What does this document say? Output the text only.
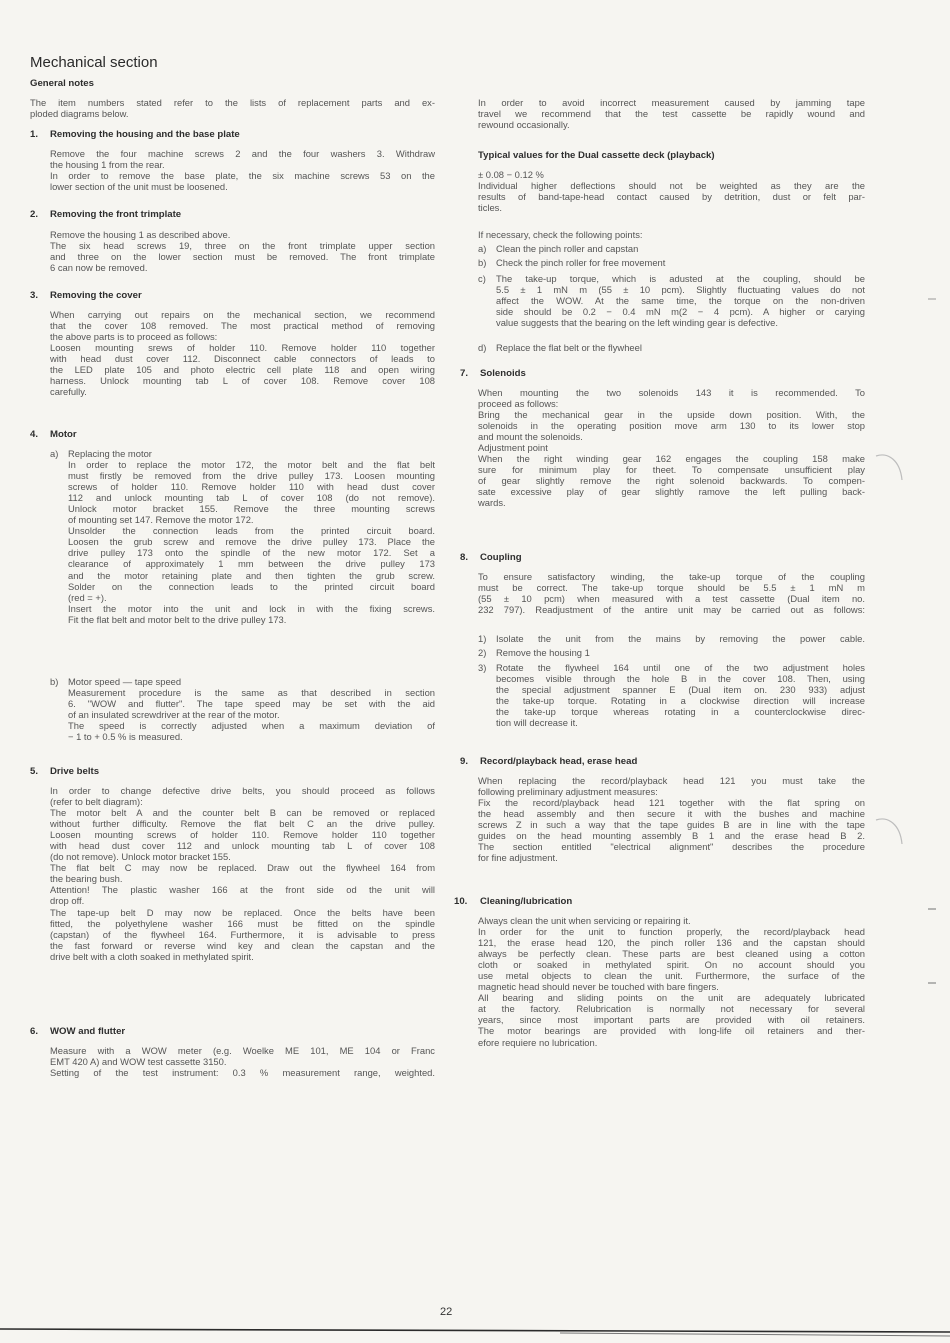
Mechanical section
General notes
The item numbers stated refer to the lists of replacement parts and ex-
ploded diagrams below.
1. Removing the housing and the base plate
Remove the four machine screws 2 and the four washers 3. Withdraw
the housing 1 from the rear.
In order to remove the base plate, the six machine screws 53 on the
lower section of the unit must be loosened.
2. Removing the front trimplate
Remove the housing 1 as described above.
The six head screws 19, three on the front trimplate upper section
and three on the lower section must be removed. The front trimplate
6 can now be removed.
3. Removing the cover
When carrying out repairs on the mechanical section, we recommend
that the cover 108 removed. The most practical method of removing
the above parts is to proceed as follows:
Loosen mounting srews of holder 110. Remove holder 110 together
with head dust cover 112. Disconnect cable connectors of leads to
the LED plate 105 and photo electric cell plate 118 and open wiring
harness. Unlock mounting tab L of cover 108. Remove cover 108
carefully.
4. Motor
a) Replacing the motor
In order to replace the motor 172, the motor belt and the flat belt
must firstly be removed from the drive pulley 173. Loosen mounting
screws of holder 110. Remove holder 110 with head dust cover
112 and unlock mounting tab L of cover 108 (do not remove).
Unlock motor bracket 155. Remove the three mounting screws
of mounting set 147. Remove the motor 172.
Unsolder the connection leads from the printed circuit board.
Loosen the grub screw and remove the drive pulley 173. Place the
drive pulley 173 onto the spindle of the new motor 172. Set a
clearance of approximately 1 mm between the drive pulley 173
and the motor retaining plate and then tighten the grub screw.
Solder on the connection leads to the printed circuit board
(red = +).
Insert the motor into the unit and lock in with the fixing screws.
Fit the flat belt and motor belt to the drive pulley 173.
b) Motor speed — tape speed
Measurement procedure is the same as that described in section
6. "WOW and flutter". The tape speed may be set with the aid
of an insulated screwdriver at the rear of the motor.
The speed is correctly adjusted when a maximum deviation of
− 1 to + 0.5 % is measured.
5. Drive belts
In order to change defective drive belts, you should proceed as follows
(refer to belt diagram):
The motor belt A and the counter belt B can be removed or replaced
without further difficulty. Remove the flat belt C an the drive pulley.
Loosen mounting screws of holder 110. Remove holder 110 together
with head dust cover 112 and unlock mounting tab L of cover 108
(do not remove). Unlock motor bracket 155.
The flat belt C may now be replaced. Draw out the flywheel 164 from
the bearing bush.
Attention! The plastic washer 166 at the front side od the unit will
drop off.
The tape-up belt D may now be replaced. Once the belts have been
fitted, the polyethylene washer 166 must be fitted on the spindle
(capstan) of the flywheel 164. Furthermore, it is advisable to press
the fast forward or reverse wind key and clean the capstan and the
drive belt with a cloth soaked in methylated spirit.
6. WOW and flutter
Measure with a WOW meter (e.g. Woelke ME 101, ME 104 or Franc
EMT 420 A) and WOW test cassette 3150.
Setting of the test instrument: 0.3 % measurement range, weighted.
In order to avoid incorrect measurement caused by jamming tape
travel we recommend that the test cassette be rapidly wound and
rewound occasionally.
Typical values for the Dual cassette deck (playback)
± 0.08 − 0.12 %
Individual higher deflections should not be weighted as they are the
results of band-tape-head contact caused by detrition, dust or felt par-
ticles.
If necessary, check the following points:
a) Clean the pinch roller and capstan
b) Check the pinch roller for free movement
c) The take-up torque, which is adusted at the coupling, should be
5.5 ± 1 mN m (55 ± 10 pcm). Slightly fluctuating values do not
affect the WOW. At the same time, the torque on the non-driven
side should be 0.2 − 0.4 mN m(2 − 4 pcm). A higher or carying
value suggests that the bearing on the left winding gear is defective.
d) Replace the flat belt or the flywheel
7. Solenoids
When mounting the two solenoids 143 it is recommended. To
proceed as follows:
Bring the mechanical gear in the upside down position. With, the
solenoids in the operating position move arm 130 to its lower stop
and mount the solenoids.
Adjustment point
When the right winding gear 162 engages the coupling 158 make
sure for minimum play for theet. To compensate unsufficient play
of gear slightly remove the right solenoid backwards. To compen-
sate excessive play of gear slightly ramove the left pulling back-
wards.
8. Coupling
To ensure satisfactory winding, the take-up torque of the coupling
must be correct. The take-up torque should be 5.5 ± 1 mN m
(55 ± 10 pcm) when measured with a test cassette (Dual item no.
232 797). Readjustment of the antire unit may be carried out as follows:
1) Isolate the unit from the mains by removing the power cable.
2) Remove the housing 1
3) Rotate the flywheel 164 until one of the two adjustment holes
becomes visible through the hole B in the cover 108. Then, using
the special adjustment spanner E (Dual item on. 230 933) adjust
the take-up torque. Rotating in a clockwise direction will increase
the take-up torque whereas rotating in a counterclockwise direc-
tion will decrease it.
9. Record/playback head, erase head
When replacing the record/playback head 121 you must take the
following preliminary adjustment measures:
Fix the record/playback head 121 together with the flat spring on
the head assembly and then secure it with the bushes and machine
screws Z in such a way that the tape guides B are in line with the tape
guides on the head mounting assembly B 1 and the erase head B 2.
The section entitled "electrical alignment" describes the procedure
for fine adjustment.
10. Cleaning/lubrication
Always clean the unit when servicing or repairing it.
In order for the unit to function properly, the record/playback head
121, the erase head 120, the pinch roller 136 and the capstan should
always be perfectly clean. These parts are best cleaned using a cotton
cloth or soaked in methylated spirit. On no account should you
use metal objects to clean the unit. Furthermore, the surface of the
magnetic head should never be touched with bare fingers.
All bearing and sliding points on the unit are adequately lubricated
at the factory. Relubrication is normally not necessary for several
years, since most important parts are provided with oil retainers.
The motor bearings are provided with long-life oil retainers and ther-
efore requiere no lubrication.
22
